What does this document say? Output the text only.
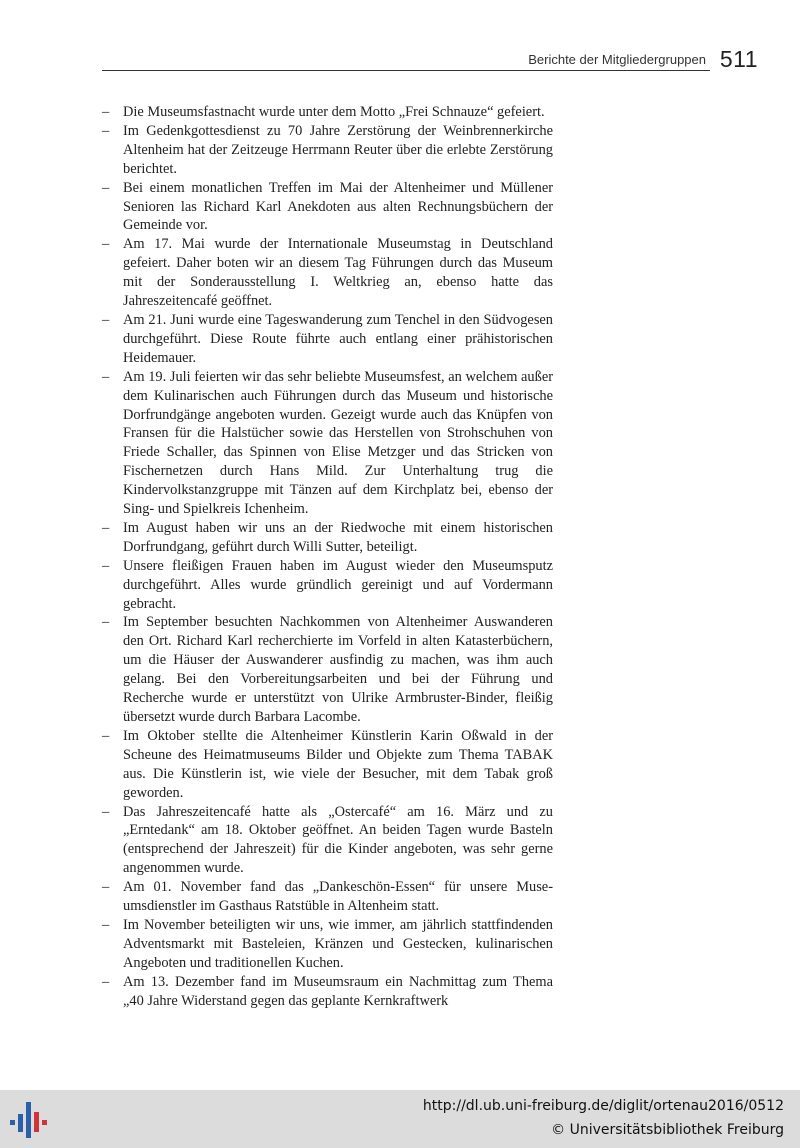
Berichte der Mitgliedergruppen 511
– Die Museumsfastnacht wurde unter dem Motto „Frei Schnauze“ gefeiert.
– Im Gedenkgottesdienst zu 70 Jahre Zerstörung der Weinbrennerkirche Altenheim hat der Zeitzeuge Herrmann Reuter über die erlebte Zerstörung berichtet.
– Bei einem monatlichen Treffen im Mai der Altenheimer und Müllener Senioren las Richard Karl Anekdoten aus alten Rechnungsbüchern der Gemeinde vor.
– Am 17. Mai wurde der Internationale Museumstag in Deutschland gefeiert. Daher boten wir an diesem Tag Führungen durch das Museum mit der Sonderausstellung I. Weltkrieg an, ebenso hatte das Jahreszeitencafé geöffnet.
– Am 21. Juni wurde eine Tageswanderung zum Tenchel in den Südvogesen durchgeführt. Diese Route führte auch entlang einer prähistorischen Heidemauer.
– Am 19. Juli feierten wir das sehr beliebte Museumsfest, an welchem außer dem Kulinarischen auch Führungen durch das Museum und historische Dorfrundgänge angeboten wurden. Gezeigt wurde auch das Knüpfen von Fransen für die Halstücher sowie das Herstellen von Strohschuhen von Friede Schaller, das Spinnen von Elise Metzger und das Stricken von Fischernetzen durch Hans Mild. Zur Unterhaltung trug die Kindervolkstanzgruppe mit Tänzen auf dem Kirchplatz bei, ebenso der Sing- und Spielkreis Ichenheim.
– Im August haben wir uns an der Riedwoche mit einem historischen Dorfrundgang, geführt durch Willi Sutter, beteiligt.
– Unsere fleißigen Frauen haben im August wieder den Museumsputz durchgeführt. Alles wurde gründlich gereinigt und auf Vordermann gebracht.
– Im September besuchten Nachkommen von Altenheimer Auswanderen den Ort. Richard Karl recherchierte im Vorfeld in alten Katasterbüchern, um die Häuser der Auswanderer ausfindig zu machen, was ihm auch gelang. Bei den Vorbereitungsarbeiten und bei der Führung und Recherche wurde er unterstützt von Ulrike Armbruster-Binder, fleißig übersetzt wurde durch Barbara Lacombe.
– Im Oktober stellte die Altenheimer Künstlerin Karin Oßwald in der Scheune des Heimatmuseums Bilder und Objekte zum Thema TABAK aus. Die Künstlerin ist, wie viele der Besucher, mit dem Tabak groß geworden.
– Das Jahreszeitencafé hatte als „Ostercafé“ am 16. März und zu „Erntedank“ am 18. Oktober geöffnet. An beiden Tagen wurde Basteln (entsprechend der Jahreszeit) für die Kinder angeboten, was sehr gerne angenommen wurde.
– Am 01. November fand das „Dankeschön-Essen“ für unsere Museumsdienstler im Gasthaus Ratstüble in Altenheim statt.
– Im November beteiligten wir uns, wie immer, am jährlich stattfindenden Adventsmarkt mit Basteleien, Kränzen und Gestecken, kulinarischen Angeboten und traditionellen Kuchen.
– Am 13. Dezember fand im Museumsraum ein Nachmittag zum Thema „40 Jahre Widerstand gegen das geplante Kernkraftwerk
http://dl.ub.uni-freiburg.de/diglit/ortenau2016/0512
© Universitätsbibliothek Freiburg
